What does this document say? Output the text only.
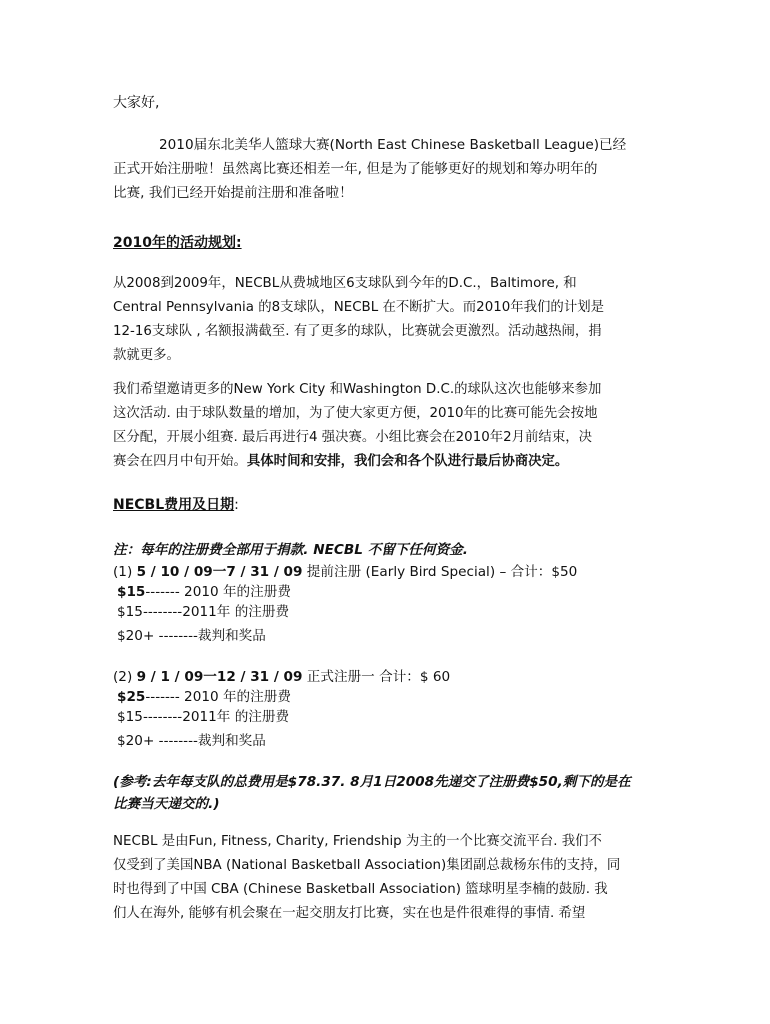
大家好,
2010届东北美华人篮球大赛(North East Chinese Basketball League)已经
正式开始注册啦！虽然离比赛还相差一年, 但是为了能够更好的规划和筹办明年的
比赛, 我们已经开始提前注册和准备啦！
2010年的活动规划:
从2008到2009年，NECBL从费城地区6支球队到今年的D.C.，Baltimore, 和
Central Pennsylvania 的8支球队，NECBL 在不断扩大。而2010年我们的计划是
12-16支球队 , 名额报满截至. 有了更多的球队，比赛就会更激烈。活动越热闹，捐
款就更多。
我们希望邀请更多的New York City 和Washington D.C.的球队这次也能够来参加
这次活动. 由于球队数量的增加，为了使大家更方便，2010年的比赛可能先会按地
区分配，开展小组赛. 最后再进行4 强决赛。小组比赛会在2010年2月前结束，决
赛会在四月中旬开始。具体时间和安排，我们会和各个队进行最后协商决定。
NECBL费用及日期:
注：每年的注册费全部用于捐款. NECBL 不留下任何资金.
(1) 5 / 10 / 09一7 / 31 / 09 提前注册 (Early Bird Special) – 合计：$50
$15------- 2010 年的注册费
$15--------2011年 的注册费
$20+ --------裁判和奖品
(2) 9 / 1 / 09一12 / 31 / 09 正式注册一 合计：$ 60
$25------- 2010 年的注册费
$15--------2011年 的注册费
$20+ --------裁判和奖品
(参考:去年每支队的总费用是$78.37. 8月1日2008先递交了注册费$50,剩下的是在
比赛当天递交的.)
NECBL 是由Fun, Fitness, Charity, Friendship 为主的一个比赛交流平台. 我们不
仅受到了美国NBA (National Basketball Association)集团副总裁杨东伟的支持，同
时也得到了中国 CBA (Chinese Basketball Association) 篮球明星李楠的鼓励. 我
们人在海外, 能够有机会聚在一起交朋友打比赛，实在也是件很难得的事情. 希望
